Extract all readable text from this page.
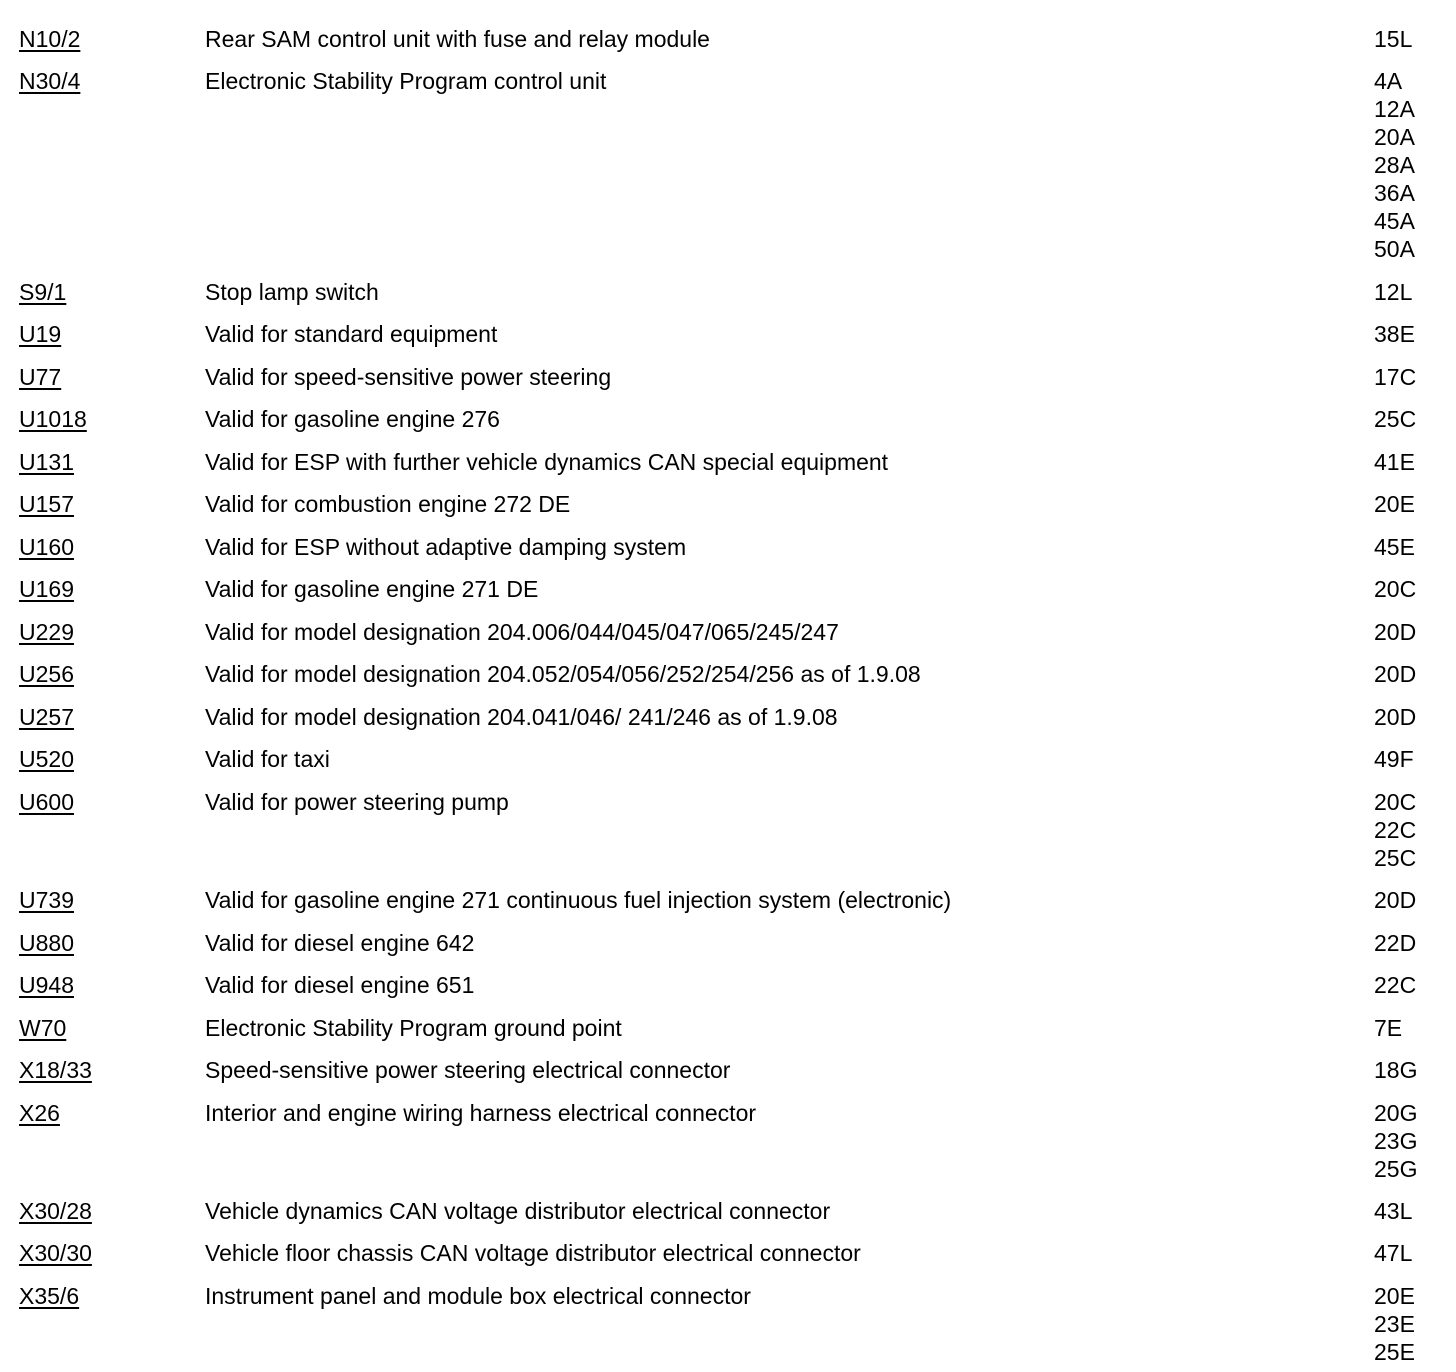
N10/2	Rear SAM control unit with fuse and relay module	15L
N30/4	Electronic Stability Program control unit	4A
12A
20A
28A
36A
45A
50A
S9/1	Stop lamp switch	12L
U19	Valid for standard equipment	38E
U77	Valid for speed-sensitive power steering	17C
U1018	Valid for gasoline engine 276	25C
U131	Valid for ESP with further vehicle dynamics CAN special equipment	41E
U157	Valid for combustion engine 272 DE	20E
U160	Valid for ESP without adaptive damping system	45E
U169	Valid for gasoline engine 271 DE	20C
U229	Valid for model designation 204.006/044/045/047/065/245/247	20D
U256	Valid for model designation 204.052/054/056/252/254/256 as of 1.9.08	20D
U257	Valid for model designation 204.041/046/ 241/246 as of 1.9.08	20D
U520	Valid for taxi	49F
U600	Valid for power steering pump	20C
22C
25C
U739	Valid for gasoline engine 271 continuous fuel injection system (electronic)	20D
U880	Valid for diesel engine 642	22D
U948	Valid for diesel engine 651	22C
W70	Electronic Stability Program ground point	7E
X18/33	Speed-sensitive power steering electrical connector	18G
X26	Interior and engine wiring harness electrical connector	20G
23G
25G
X30/28	Vehicle dynamics CAN voltage distributor electrical connector	43L
X30/30	Vehicle floor chassis CAN voltage distributor electrical connector	47L
X35/6	Instrument panel and module box electrical connector	20E
23E
25E
